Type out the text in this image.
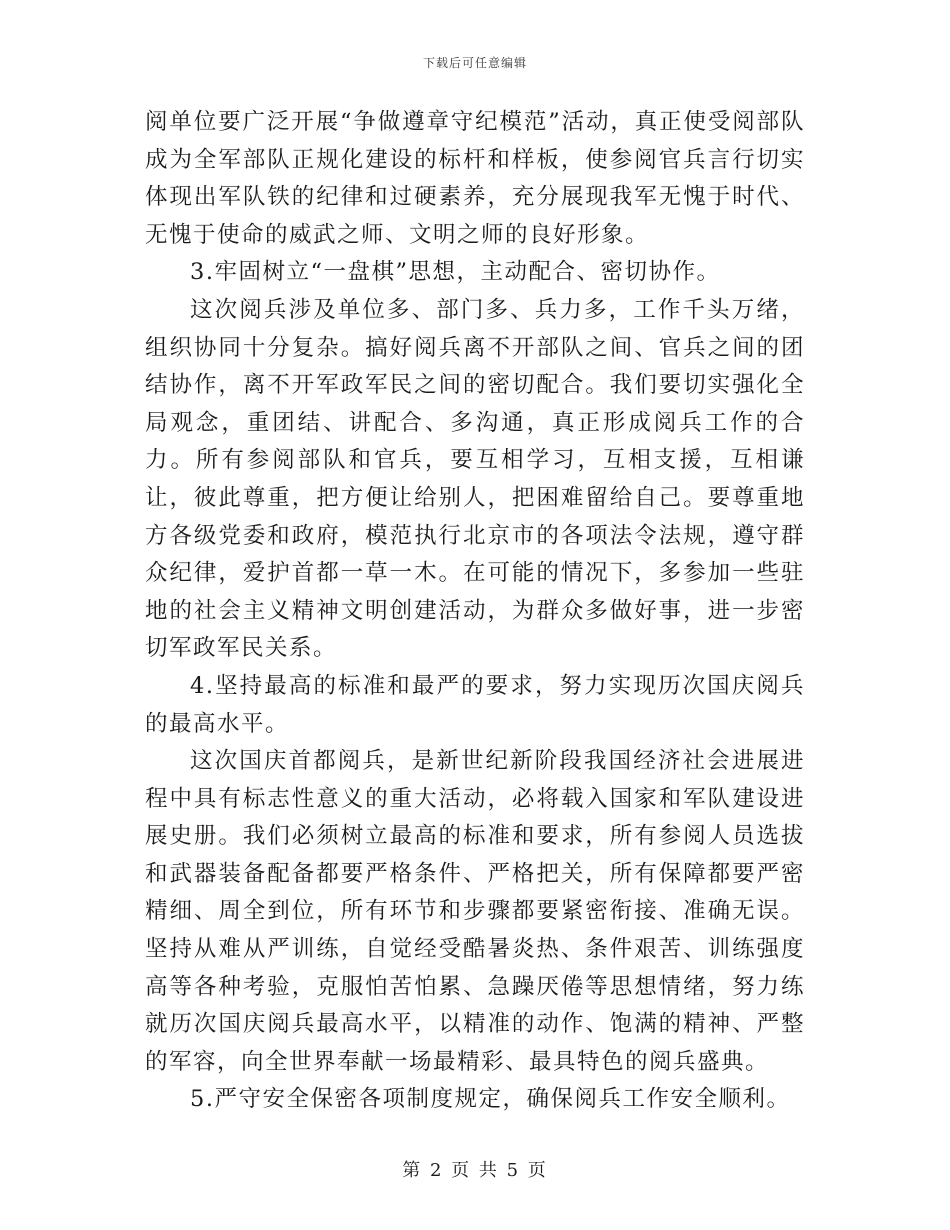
下载后可任意编辑

阅单位要广泛开展“争做遵章守纪模范”活动，真正使受阅部队成为全军部队正规化建设的标杆和样板，使参阅官兵言行切实体现出军队铁的纪律和过硬素养，充分展现我军无愧于时代、无愧于使命的威武之师、文明之师的良好形象。

3.牢固树立“一盘棋”思想，主动配合、密切协作。

这次阅兵涉及单位多、部门多、兵力多，工作千头万绪，组织协同十分复杂。搞好阅兵离不开部队之间、官兵之间的团结协作，离不开军政军民之间的密切配合。我们要切实强化全局观念，重团结、讲配合、多沟通，真正形成阅兵工作的合力。所有参阅部队和官兵，要互相学习，互相支援，互相谦让，彼此尊重，把方便让给别人，把困难留给自己。要尊重地方各级党委和政府，模范执行北京市的各项法令法规，遵守群众纪律，爱护首都一草一木。在可能的情况下，多参加一些驻地的社会主义精神文明创建活动，为群众多做好事，进一步密切军政军民关系。

4.坚持最高的标准和最严的要求，努力实现历次国庆阅兵的最高水平。

这次国庆首都阅兵，是新世纪新阶段我国经济社会进展进程中具有标志性意义的重大活动，必将载入国家和军队建设进展史册。我们必须树立最高的标准和要求，所有参阅人员选拔和武器装备配备都要严格条件、严格把关，所有保障都要严密精细、周全到位，所有环节和步骤都要紧密衔接、准确无误。坚持从难从严训练，自觉经受酷暑炎热、条件艰苦、训练强度高等各种考验，克服怕苦怕累、急躁厌倦等思想情绪，努力练就历次国庆阅兵最高水平，以精准的动作、饱满的精神、严整的军容，向全世界奉献一场最精彩、最具特色的阅兵盛典。

5.严守安全保密各项制度规定，确保阅兵工作安全顺利。

第 2 页 共 5 页
